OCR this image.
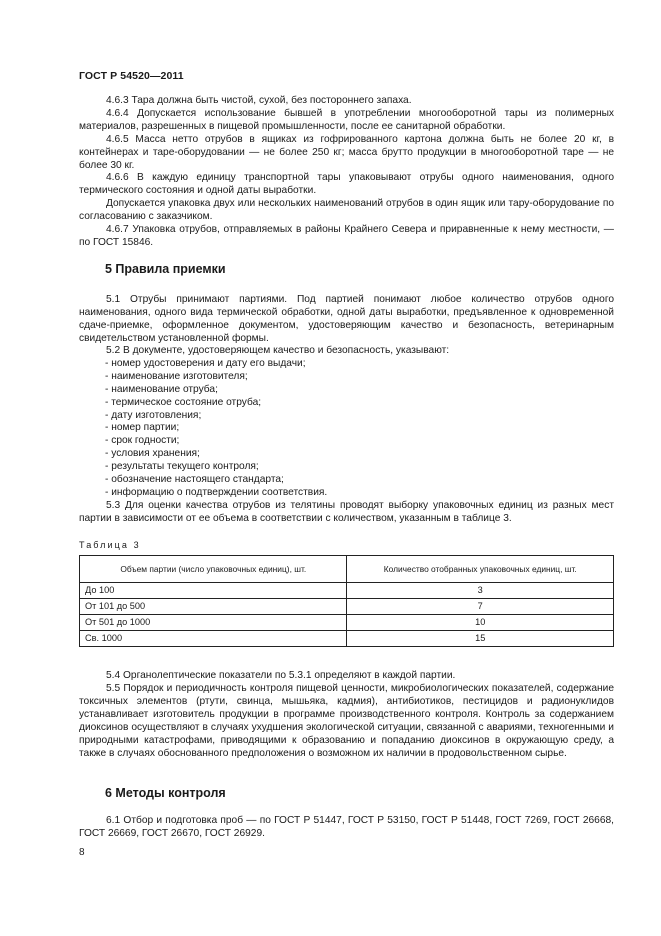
ГОСТ Р 54520—2011

4.6.3 Тара должна быть чистой, сухой, без постороннего запаха.

4.6.4 Допускается использование бывшей в употреблении многооборотной тары из полимерных материалов, разрешенных в пищевой промышленности, после ее санитарной обработки.

4.6.5 Масса нетто отрубов в ящиках из гофрированного картона должна быть не более 20 кг, в контейнерах и таре-оборудовании — не более 250 кг; масса брутто продукции в многооборотной таре — не более 30 кг.

4.6.6 В каждую единицу транспортной тары упаковывают отрубы одного наименования, одного термического состояния и одной даты выработки.

Допускается упаковка двух или нескольких наименований отрубов в один ящик или тару-оборудование по согласованию с заказчиком.

4.6.7 Упаковка отрубов, отправляемых в районы Крайнего Севера и приравненные к нему местности, — по ГОСТ 15846.

5 Правила приемки

5.1 Отрубы принимают партиями. Под партией понимают любое количество отрубов одного наименования, одного вида термической обработки, одной даты выработки, предъявленное к одновременной сдаче-приемке, оформленное документом, удостоверяющим качество и безопасность, ветеринарным свидетельством установленной формы.

5.2 В документе, удостоверяющем качество и безопасность, указывают:

- номер удостоверения и дату его выдачи;
- наименование изготовителя;
- наименование отруба;
- термическое состояние отруба;
- дату изготовления;
- номер партии;
- срок годности;
- условия хранения;
- результаты текущего контроля;
- обозначение настоящего стандарта;
- информацию о подтверждении соответствия.

5.3 Для оценки качества отрубов из телятины проводят выборку упаковочных единиц из разных мест партии в зависимости от ее объема в соответствии с количеством, указанным в таблице 3.

Таблица 3
Объем партии (число упаковочных единиц), шт.	Количество отобранных упаковочных единиц, шт.
До 100	3
От 101 до 500	7
От 501 до 1000	10
Св. 1000	15

5.4 Органолептические показатели по 5.3.1 определяют в каждой партии.

5.5 Порядок и периодичность контроля пищевой ценности, микробиологических показателей, содержание токсичных элементов (ртути, свинца, мышьяка, кадмия), антибиотиков, пестицидов и радионуклидов устанавливает изготовитель продукции в программе производственного контроля. Контроль за содержанием диоксинов осуществляют в случаях ухудшения экологической ситуации, связанной с авариями, техногенными и природными катастрофами, приводящими к образованию и попаданию диоксинов в окружающую среду, а также в случаях обоснованного предположения о возможном их наличии в продовольственном сырье.

6 Методы контроля

6.1 Отбор и подготовка проб — по ГОСТ Р 51447, ГОСТ Р 53150, ГОСТ Р 51448, ГОСТ 7269, ГОСТ 26668, ГОСТ 26669, ГОСТ 26670, ГОСТ 26929.

8
